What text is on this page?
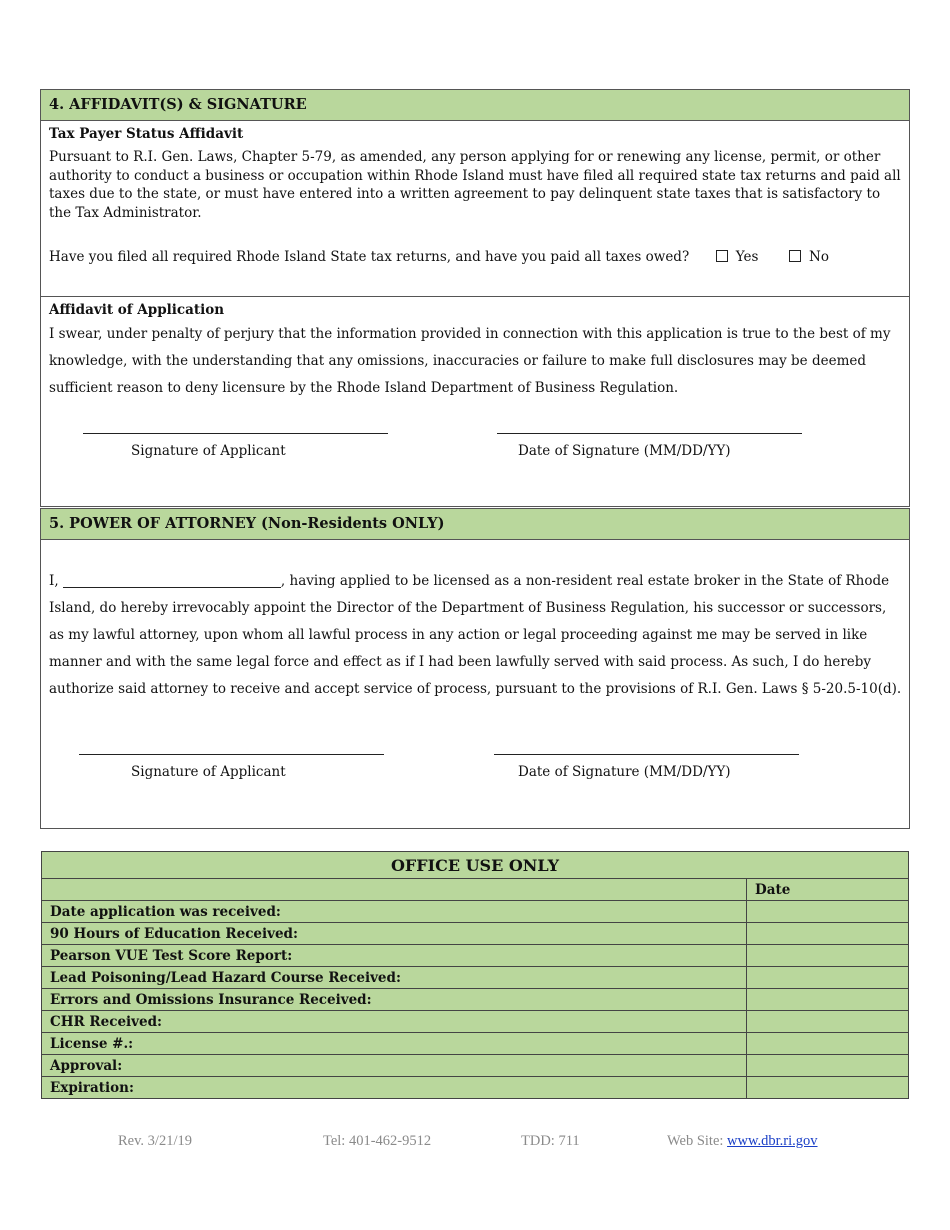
4. AFFIDAVIT(S) & SIGNATURE
Tax Payer Status Affidavit
Pursuant to R.I. Gen. Laws, Chapter 5-79, as amended, any person applying for or renewing any license, permit, or other authority to conduct a business or occupation within Rhode Island must have filed all required state tax returns and paid all taxes due to the state, or must have entered into a written agreement to pay delinquent state taxes that is satisfactory to the Tax Administrator.
Have you filed all required Rhode Island State tax returns, and have you paid all taxes owed?	Yes	No
Affidavit of Application
I swear, under penalty of perjury that the information provided in connection with this application is true to the best of my knowledge, with the understanding that any omissions, inaccuracies or failure to make full disclosures may be deemed sufficient reason to deny licensure by the Rhode Island Department of Business Regulation.
Signature of Applicant	Date of Signature (MM/DD/YY)
5. POWER OF ATTORNEY (Non-Residents ONLY)
I,	, having applied to be licensed as a non-resident real estate broker in the State of Rhode Island, do hereby irrevocably appoint the Director of the Department of Business Regulation, his successor or successors, as my lawful attorney, upon whom all lawful process in any action or legal proceeding against me may be served in like manner and with the same legal force and effect as if I had been lawfully served with said process. As such, I do hereby authorize said attorney to receive and accept service of process, pursuant to the provisions of R.I. Gen. Laws § 5-20.5-10(d).
Signature of Applicant	Date of Signature (MM/DD/YY)
OFFICE USE ONLY	
	Date
Date application was received:	
90 Hours of Education Received:	
Pearson VUE Test Score Report:	
Lead Poisoning/Lead Hazard Course Received:	
Errors and Omissions Insurance Received:	
CHR Received:	
License #.:	
Approval:	
Expiration:	
Rev. 3/21/19	Tel: 401-462-9512	TDD: 711	Web Site: www.dbr.ri.gov
